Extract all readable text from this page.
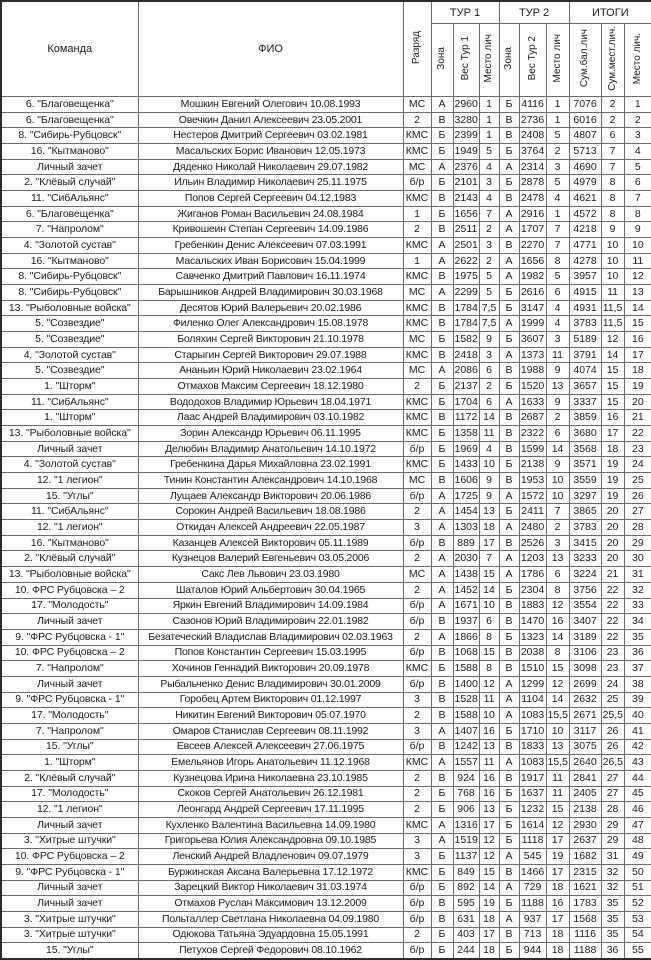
Команда	ФИО	Разряд	ТУР 1			ТУР 2			ИТОГИ		
			Зона	Вес Тур 1	Место лич	Зона	Вес Тур 2	Место лич	Сум.бал.лич	Сум.мест.лич.	Место лич.
6. "Благовещенка"	Мошкин Евгений Олегович 10.08.1993	МС	А	2960	1	Б	4116	1	7076	2	1
6. "Благовещенка"	Овечкин Данил Алексеевич 23.05.2001	2	В	3280	1	В	2736	1	6016	2	2
8. "Сибирь-Рубцовск"	Нестеров Дмитрий Сергеевич 03.02.1981	КМС	Б	2399	1	В	2408	5	4807	6	3
16. "Кытманово"	Масальских Борис Иванович 12.05.1973	КМС	Б	1949	5	Б	3764	2	5713	7	4
Личный зачет	Дяденко Николай Николаевич 29.07.1982	МС	А	2376	4	А	2314	3	4690	7	5
2. "Клёвый случай"	Ильин Владимир Николаевич 25.11.1975	б/р	Б	2101	3	Б	2878	5	4979	8	6
11. "СибАльянс"	Попов Сергей Сергеевич 04.12.1983	КМС	В	2143	4	В	2478	4	4621	8	7
6. "Благовещенка"	Жиганов Роман Васильевич 24.08.1984	1	Б	1656	7	А	2916	1	4572	8	8
7. "Напролом"	Кривошеин Степан Сергеевич 14.09.1986	2	В	2511	2	А	1707	7	4218	9	9
4. "Золотой сустав"	Гребенкин Денис Алексеевич 07.03.1991	КМС	А	2501	3	В	2270	7	4771	10	10
16. "Кытманово"	Масальских Иван Борисович 15.04.1999	1	А	2622	2	А	1656	8	4278	10	11
8. "Сибирь-Рубцовск"	Савченко Дмитрий Павлович 16.11.1974	КМС	В	1975	5	А	1982	5	3957	10	12
8. "Сибирь-Рубцовск"	Барышников Андрей Владимирович 30.03.1968	МС	А	2299	5	Б	2616	6	4915	11	13
13. "Рыболовные войска"	Десятов Юрий Валерьевич 20.02.1986	КМС	В	1784	7,5	Б	3147	4	4931	11,5	14
5. "Созвездие"	Филенко Олег Александрович 15.08.1978	КМС	В	1784	7,5	А	1999	4	3783	11,5	15
5. "Созвездие"	Боляхин Сергей Викторович 21.10.1978	МС	Б	1582	9	Б	3607	3	5189	12	16
4. "Золотой сустав"	Старыгин Сергей Викторович 29.07.1988	КМС	В	2418	3	А	1373	11	3791	14	17
5. "Созвездие"	Ананьин Юрий Николаевич 23.02.1964	МС	А	2086	6	В	1988	9	4074	15	18
1. "Шторм"	Отмахов Максим Сергеевич 18.12.1980	2	Б	2137	2	Б	1520	13	3657	15	19
11. "СибАльянс"	Вододохов Владимир Юрьевич 18.04.1971	КМС	Б	1704	6	А	1633	9	3337	15	20
1. "Шторм"	Лаас Андрей Владимирович 03.10.1982	КМС	В	1172	14	В	2687	2	3859	16	21
13. "Рыболовные войска"	Зорин Александр Юрьевич 06.11.1995	КМС	Б	1358	11	В	2322	6	3680	17	22
Личный зачет	Делюбин Владимир Анатольевич 14.10.1972	б/р	Б	1969	4	В	1599	14	3568	18	23
4. "Золотой сустав"	Гребенкина Дарья Михайловна 23.02.1991	КМС	Б	1433	10	Б	2138	9	3571	19	24
12. "1 легион"	Тинин Константин Александрович 14.10.1968	МС	В	1606	9	В	1953	10	3559	19	25
15. "Углы"	Лущаев Александр Викторович 20.06.1986	б/р	А	1725	9	А	1572	10	3297	19	26
11. "СибАльянс"	Сорокин Андрей Васильевич 18.08.1986	2	А	1454	13	Б	2411	7	3865	20	27
12. "1 легион"	Откидач Алексей Андреевич 22.05.1987	3	А	1303	18	А	2480	2	3783	20	28
16. "Кытманово"	Казанцев Алексей Викторович 05.11.1989	б/р	В	889	17	В	2526	3	3415	20	29
2. "Клёвый случай"	Кузнецов Валерий Евгеньевич 03.05.2006	2	А	2030	7	А	1203	13	3233	20	30
13. "Рыболовные войска"	Сакс Лев Львович 23.03.1980	МС	А	1438	15	А	1786	6	3224	21	31
10. ФРС Рубцовска – 2	Шаталов Юрий Альбертович 30.04.1965	2	А	1452	14	Б	2304	8	3756	22	32
17. "Молодость"	Яркин Евгений Владимирович 14.09.1984	б/р	А	1671	10	В	1883	12	3554	22	33
Личный зачет	Сазонов Юрий Владимирович 22.01.1982	б/р	В	1937	6	В	1470	16	3407	22	34
9. "ФРС Рубцовска - 1"	Безатеческий Владислав Владимирович 02.03.1963	2	А	1866	8	Б	1323	14	3189	22	35
10. ФРС Рубцовска – 2	Попов Константин Сергеевич 15.03.1995	б/р	В	1068	15	В	2038	8	3106	23	36
7. "Напролом"	Хочинов Геннадий Викторович 20.09.1978	КМС	Б	1588	8	В	1510	15	3098	23	37
Личный зачет	Рыбальченко Денис Владимирович 30.01.2009	б/р	В	1400	12	А	1299	12	2699	24	38
9. "ФРС Рубцовска - 1"	Горобец Артем Викторович 01.12.1997	3	В	1528	11	А	1104	14	2632	25	39
17. "Молодость"	Никитин Евгений Викторович 05.07.1970	2	В	1588	10	А	1083	15,5	2671	25,5	40
7. "Напролом"	Омаров Станислав Сергеевич 08.11.1992	3	А	1407	16	Б	1710	10	3117	26	41
15. "Углы"	Евсеев Алексей Алексеевич 27.06.1975	б/р	В	1242	13	В	1833	13	3075	26	42
1. "Шторм"	Емельянов Игорь Анатольевич 11.12.1968	КМС	А	1557	11	А	1083	15,5	2640	26,5	43
2. "Клёвый случай"	Кузнецова Ирина Николаевна 23.10.1985	2	В	924	16	В	1917	11	2841	27	44
17. "Молодость"	Скоков Сергей Анатольевич 26.12.1981	2	Б	768	16	Б	1637	11	2405	27	45
12. "1 легион"	Леонгард Андрей Сергеевич 17.11.1995	2	Б	906	13	Б	1232	15	2138	28	46
Личный зачет	Кухленко Валентина Васильевна 14.09.1980	КМС	А	1316	17	Б	1614	12	2930	29	47
3. "Хитрые штучки"	Григорьева Юлия Александровна 09.10.1985	3	А	1519	12	Б	1118	17	2637	29	48
10. ФРС Рубцовска – 2	Ленский Андрей Владленович 09.07.1979	3	Б	1137	12	А	545	19	1682	31	49
9. "ФРС Рубцовска - 1"	Буржинская Аксана Валерьевна 17.12.1972	КМС	Б	849	15	В	1466	17	2315	32	50
Личный зачет	Зарецкий Виктор Николаевич 31.03.1974	б/р	Б	892	14	А	729	18	1621	32	51
Личный зачет	Отмахов Руслан Максимович 13.12.2009	б/р	В	595	19	Б	1188	16	1783	35	52
3. "Хитрые штучки"	Польталлер Светлана Николаевна 04.09.1980	б/р	В	631	18	А	937	17	1568	35	53
3. "Хитрые штучки"	Одюкова Татьяна Эдуардовна 15.05.1991	2	Б	403	17	В	713	18	1116	35	54
15. "Углы"	Петухов Сергей Федорович 08.10.1962	б/р	Б	244	18	Б	944	18	1188	36	55
